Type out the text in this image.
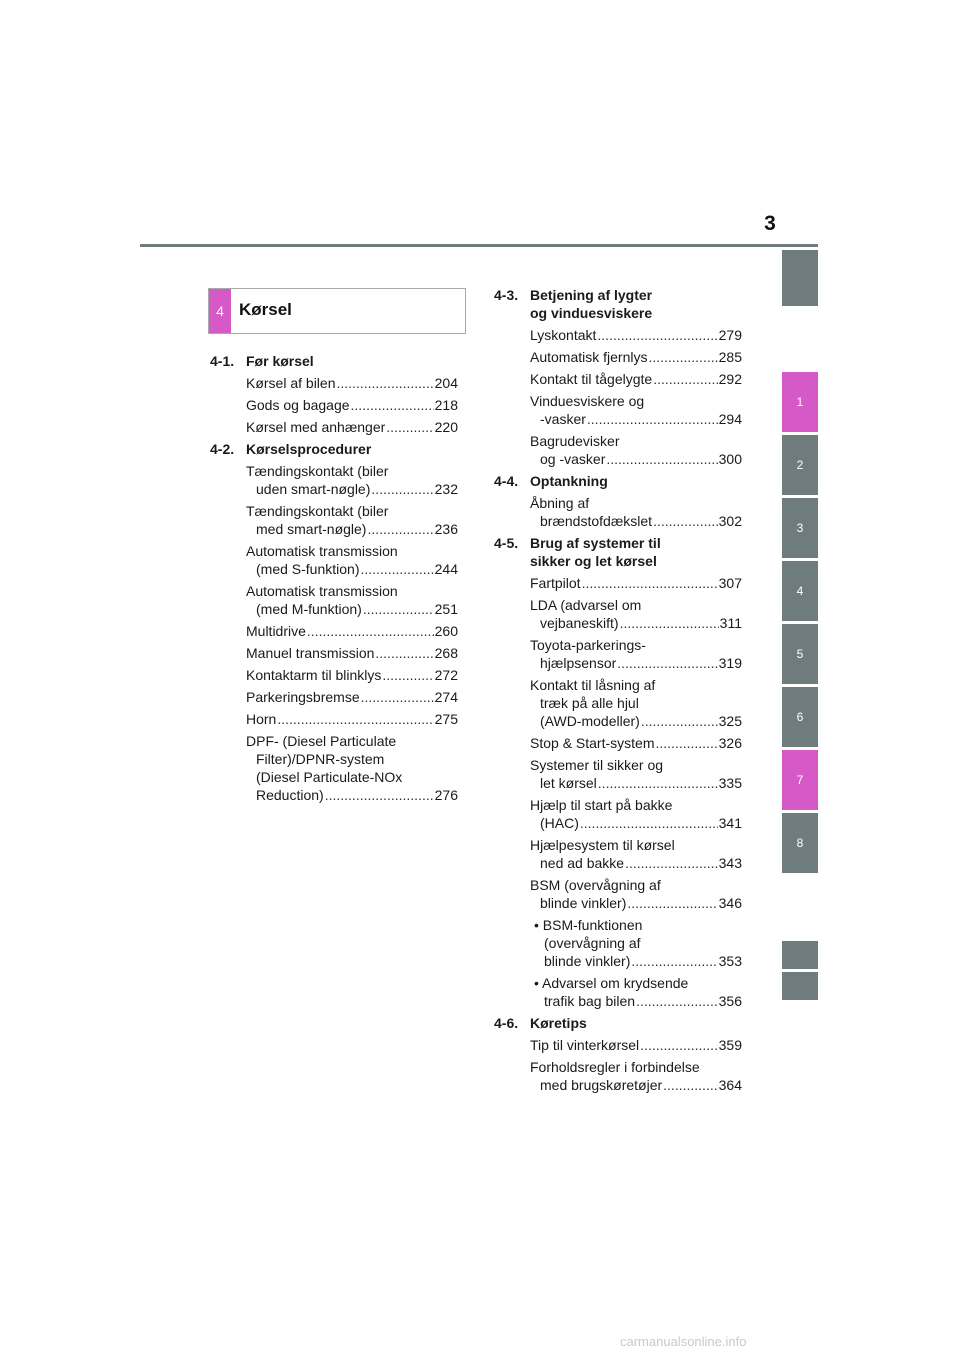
3
1
2
3
4
5
6
7
8
4 Kørsel
4-1. Før kørsel
Kørsel af bilen .....	204
Gods og bagage .....	218
Kørsel med anhænger .....	220
4-2. Kørselsprocedurer
Tændingskontakt (biler
uden smart-nøgle) .....	232
Tændingskontakt (biler
med smart-nøgle) .....	236
Automatisk transmission
(med S-funktion) .....	244
Automatisk transmission
(med M-funktion) .....	251
Multidrive .....	260
Manuel transmission .....	268
Kontaktarm til blinklys .....	272
Parkeringsbremse .....	274
Horn .....	275
DPF- (Diesel Particulate
Filter)/DPNR-system
(Diesel Particulate-NOx
Reduction) .....	276
4-3. Betjening af lygter
og vinduesviskere
Lyskontakt .....	279
Automatisk fjernlys .....	285
Kontakt til tågelygte .....	292
Vinduesviskere og
-vasker .....	294
Bagrudevisker
og -vasker .....	300
4-4. Optankning
Åbning af
brændstofdækslet .....	302
4-5. Brug af systemer til
sikker og let kørsel
Fartpilot .....	307
LDA (advarsel om
vejbaneskift) .....	311
Toyota-parkerings-
hjælpsensor .....	319
Kontakt til låsning af
træk på alle hjul
(AWD-modeller) .....	325
Stop & Start-system .....	326
Systemer til sikker og
let kørsel .....	335
Hjælp til start på bakke
(HAC) .....	341
Hjælpesystem til kørsel
ned ad bakke .....	343
BSM (overvågning af
blinde vinkler) .....	346
• BSM-funktionen
(overvågning af
blinde vinkler) .....	353
• Advarsel om krydsende
trafik bag bilen .....	356
4-6. Køretips
Tip til vinterkørsel .....	359
Forholdsregler i forbindelse
med brugskøretøjer .....	364
carmanualsonline.info
